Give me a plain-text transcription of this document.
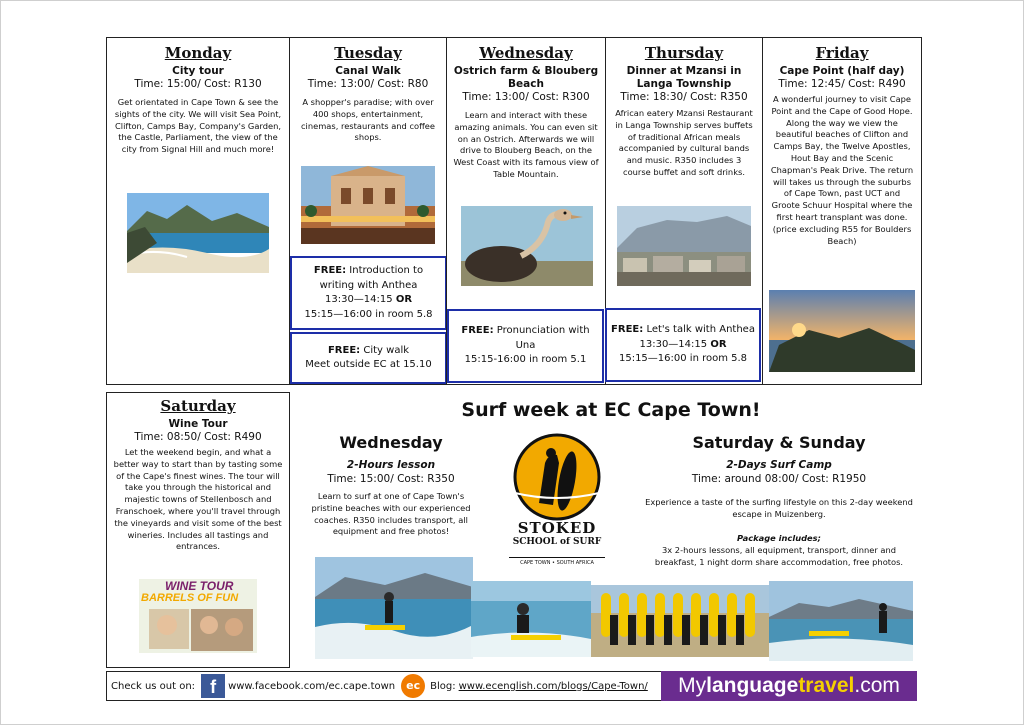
Monday
City tour
Time: 15:00/ Cost: R130
Get orientated in Cape Town & see the sights of the city. We will visit Sea Point, Clifton, Camps Bay, Company's Garden, the Castle, Parliament, the view of the city from Signal Hill and much more!
Tuesday
Canal Walk
Time: 13:00/ Cost: R80
A shopper's paradise; with over 400 shops, entertainment, cinemas, restaurants and coffee shops.
FREE: Introduction to writing with Anthea
13:30—14:15 OR
15:15—16:00 in room 5.8
FREE: City walk
Meet outside EC at 15.10
Wednesday
Ostrich farm & Blouberg Beach
Time: 13:00/ Cost: R300
Learn and interact with these amazing animals. You can even sit on an Ostrich. Afterwards we will drive to Blouberg Beach, on the West Coast with its famous view of Table Mountain.
FREE: Pronunciation with Una
15:15-16:00 in room 5.1
Thursday
Dinner at Mzansi in Langa Township
Time: 18:30/ Cost: R350
African eatery Mzansi Restaurant in Langa Township serves buffets of traditional African meals accompanied by cultural bands and music. R350 includes 3 course buffet and soft drinks.
FREE: Let's talk with Anthea
13:30—14:15 OR
15:15—16:00 in room 5.8
Friday
Cape Point (half day)
Time: 12:45/ Cost: R490
A wonderful journey to visit Cape Point and the Cape of Good Hope. Along the way we view the beautiful beaches of Clifton and Camps Bay, the Twelve Apostles, Hout Bay and the Scenic Chapman's Peak Drive. The return will takes us through the suburbs of Cape Town, past UCT and Groote Schuur Hospital where the first heart transplant was done. (price excluding R55 for Boulders Beach)
Saturday
Wine Tour
Time: 08:50/ Cost: R490
Let the weekend begin, and what a better way to start than by tasting some of the Cape's finest wines. The tour will take you through the historical and majestic towns of Stellenbosch and Franschoek, where you'll travel through the vineyards and visit some of the best wineries. Includes all tastings and entrances.
WINE TOUR
BARRELS OF FUN
Surf week at EC Cape Town!
Wednesday
2-Hours lesson
Time: 15:00/ Cost: R350
Learn to surf at one of Cape Town's pristine beaches with our experienced coaches. R350 includes transport, all equipment and free photos!	STOKED
SCHOOL of SURF
CAPE TOWN • SOUTH AFRICA
Saturday & Sunday
2-Days Surf Camp
Time: around 08:00/ Cost: R1950
Experience a taste of the surfing lifestyle on this 2-day weekend escape in Muizenberg.
Package includes;
3x 2-hours lessons, all equipment, transport, dinner and breakfast, 1 night dorm share accommodation, free photos.
Check us out on: f	www.facebook.com/ec.cape.town	ec	Blog: www.ecenglish.com/blogs/Cape-Town/ My language travel .com
